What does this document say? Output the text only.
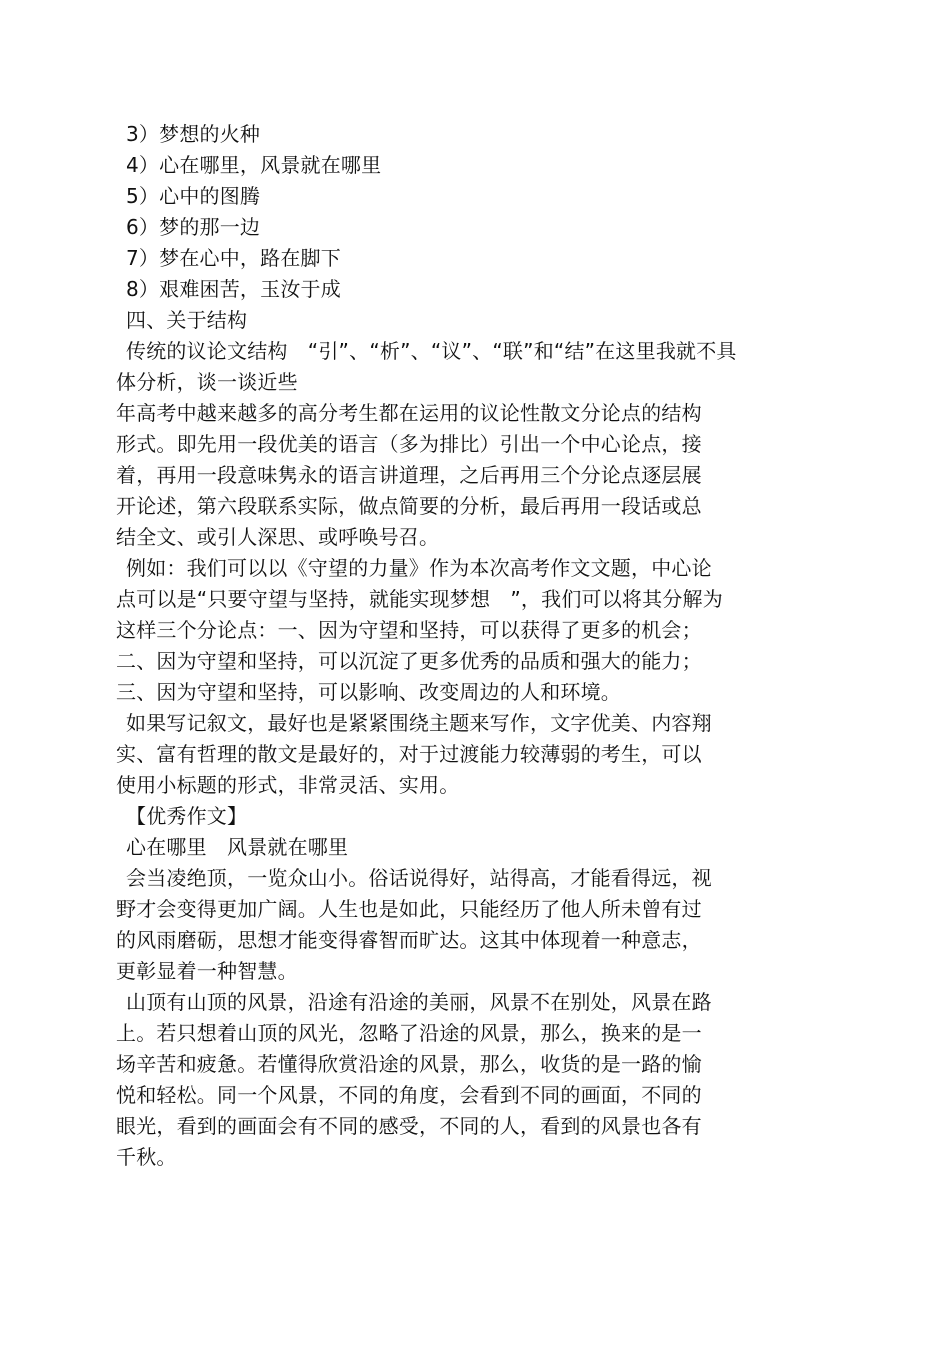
3）梦想的火种
4）心在哪里，风景就在哪里
5）心中的图腾
6）梦的那一边
7）梦在心中，路在脚下
8）艰难困苦，玉汝于成
四、关于结构
传统的议论文结构　“引”、“析”、“议”、“联”和“结”在这里我就不具
体分析，谈一谈近些
年高考中越来越多的高分考生都在运用的议论性散文分论点的结构
形式。即先用一段优美的语言（多为排比）引出一个中心论点，接
着，再用一段意味隽永的语言讲道理，之后再用三个分论点逐层展
开论述，第六段联系实际，做点简要的分析，最后再用一段话或总
结全文、或引人深思、或呼唤号召。
例如：我们可以以《守望的力量》作为本次高考作文文题，中心论
点可以是“只要守望与坚持，就能实现梦想　”，我们可以将其分解为
这样三个分论点：一、因为守望和坚持，可以获得了更多的机会；
二、因为守望和坚持，可以沉淀了更多优秀的品质和强大的能力；
三、因为守望和坚持，可以影响、改变周边的人和环境。
如果写记叙文，最好也是紧紧围绕主题来写作，文字优美、内容翔
实、富有哲理的散文是最好的，对于过渡能力较薄弱的考生，可以
使用小标题的形式，非常灵活、实用。
【优秀作文】
心在哪里　风景就在哪里
会当凌绝顶，一览众山小。俗话说得好，站得高，才能看得远，视
野才会变得更加广阔。人生也是如此，只能经历了他人所未曾有过
的风雨磨砺，思想才能变得睿智而旷达。这其中体现着一种意志，
更彰显着一种智慧。
山顶有山顶的风景，沿途有沿途的美丽，风景不在别处，风景在路
上。若只想着山顶的风光，忽略了沿途的风景，那么，换来的是一
场辛苦和疲惫。若懂得欣赏沿途的风景，那么，收货的是一路的愉
悦和轻松。同一个风景，不同的角度，会看到不同的画面，不同的
眼光，看到的画面会有不同的感受，不同的人，看到的风景也各有
千秋。
